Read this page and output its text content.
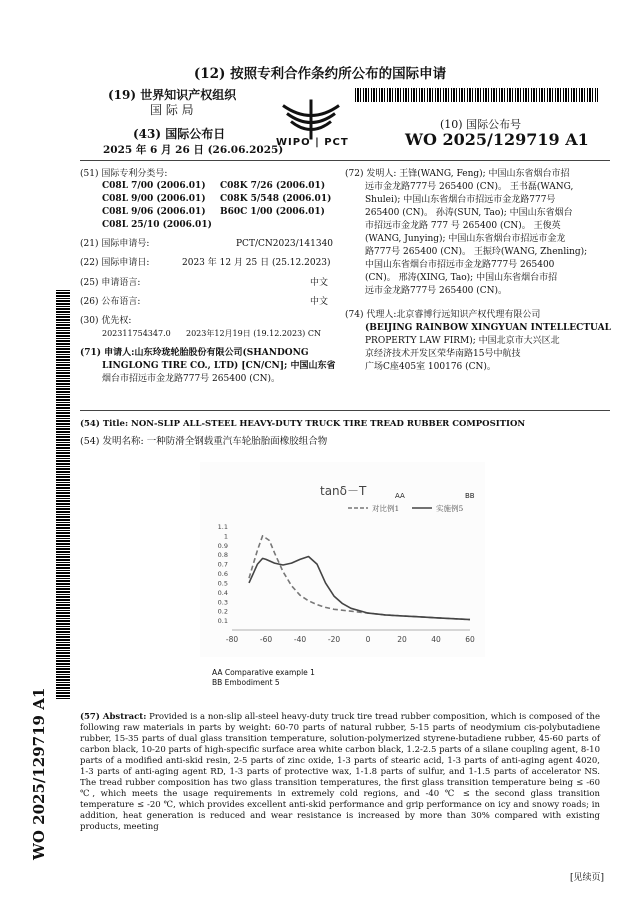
(12) 按照专利合作条约所公布的国际申请
(19) 世界知识产权组织
国 际 局
(43) 国际公布日
2025 年 6 月 26 日 (26.06.2025)
WIPO | PCT
(10) 国际公布号
WO 2025/129719 A1
(51) 国际专利分类号:
C08L 7/00 (2006.01) C08K 7/26 (2006.01)
C08L 9/00 (2006.01) C08K 5/548 (2006.01)
C08L 9/06 (2006.01) B60C 1/00 (2006.01)
C08L 25/10 (2006.01)
(21) 国际申请号:	PCT/CN2023/141340
(22) 国际申请日:	2023 年 12 月 25 日 (25.12.2023)
(25) 申请语言:	中文
(26) 公布语言:	中文
(30) 优先权:
202311754347.0 2023年12月19日 (19.12.2023) CN
(71) 申请人:山东玲珑轮胎股份有限公司(SHANDONG
LINGLONG TIRE CO., LTD) [CN/CN]; 中国山东省
烟台市招远市金龙路777号 265400 (CN)。
(72) 发明人: 王锋(WANG, Feng); 中国山东省烟台市招
远市金龙路777号 265400 (CN)。 王书磊(WANG,
Shulei); 中国山东省烟台市招远市金龙路777号
265400 (CN)。 孙涛(SUN, Tao); 中国山东省烟台
市招远市金龙路 777 号 265400 (CN)。 王俊英
(WANG, Junying); 中国山东省烟台市招远市金龙
路777号 265400 (CN)。 王振玲(WANG, Zhenling);
中国山东省烟台市招远市金龙路777号 265400
(CN)。 邢涛(XING, Tao); 中国山东省烟台市招
远市金龙路777号 265400 (CN)。
(74) 代理人:北京睿博行远知识产权代理有限公司
(BEIJING RAINBOW XINGYUAN INTELLECTUAL
PROPERTY LAW FIRM); 中国北京市大兴区北
京经济技术开发区荣华南路15号中航技
广场C座405室 100176 (CN)。
WO 2025/129719 A1
(54) Title: NON-SLIP ALL-STEEL HEAVY-DUTY TRUCK TIRE TREAD RUBBER COMPOSITION
(54) 发明名称: 一种防滑全钢载重汽车轮胎胎面橡胶组合物
tanδ－T	AA	BB
对比例1	实施例5
-80	-60	-40	-20	0	20	40	60
0.1
0.2
0.3
0.4
0.5
0.6
0.7
0.8
0.9
1
1.1
AA Comparative example 1
BB Embodiment 5
(57) Abstract: Provided is a non-slip all-steel heavy-duty truck tire tread rubber composition, which is composed of the following raw materials in parts by weight: 60-70 parts of natural rubber, 5-15 parts of neodymium cis-polybutadiene rubber, 15-35 parts of dual glass transition temperature, solution-polymerized styrene-butadiene rubber, 45-60 parts of carbon black, 10-20 parts of high-specific surface area white carbon black, 1.2-2.5 parts of a silane coupling agent, 8-10 parts of a modified anti-skid resin, 2-5 parts of zinc oxide, 1-3 parts of stearic acid, 1-3 parts of anti-aging agent 4020, 1-3 parts of anti-aging agent RD, 1-3 parts of protective wax, 1-1.8 parts of sulfur, and 1-1.5 parts of accelerator NS. The tread rubber composition has two glass transition temperatures, the first glass transition temperature being ≤ -60 ℃, which meets the usage requirements in extremely cold regions, and -40 ℃ ≤ the second glass transition temperature ≤ -20 ℃, which provides excellent anti-skid performance and grip performance on icy and snowy roads; in addition, heat generation is reduced and wear resistance is increased by more than 30% compared with existing products, meeting
[见续页]
